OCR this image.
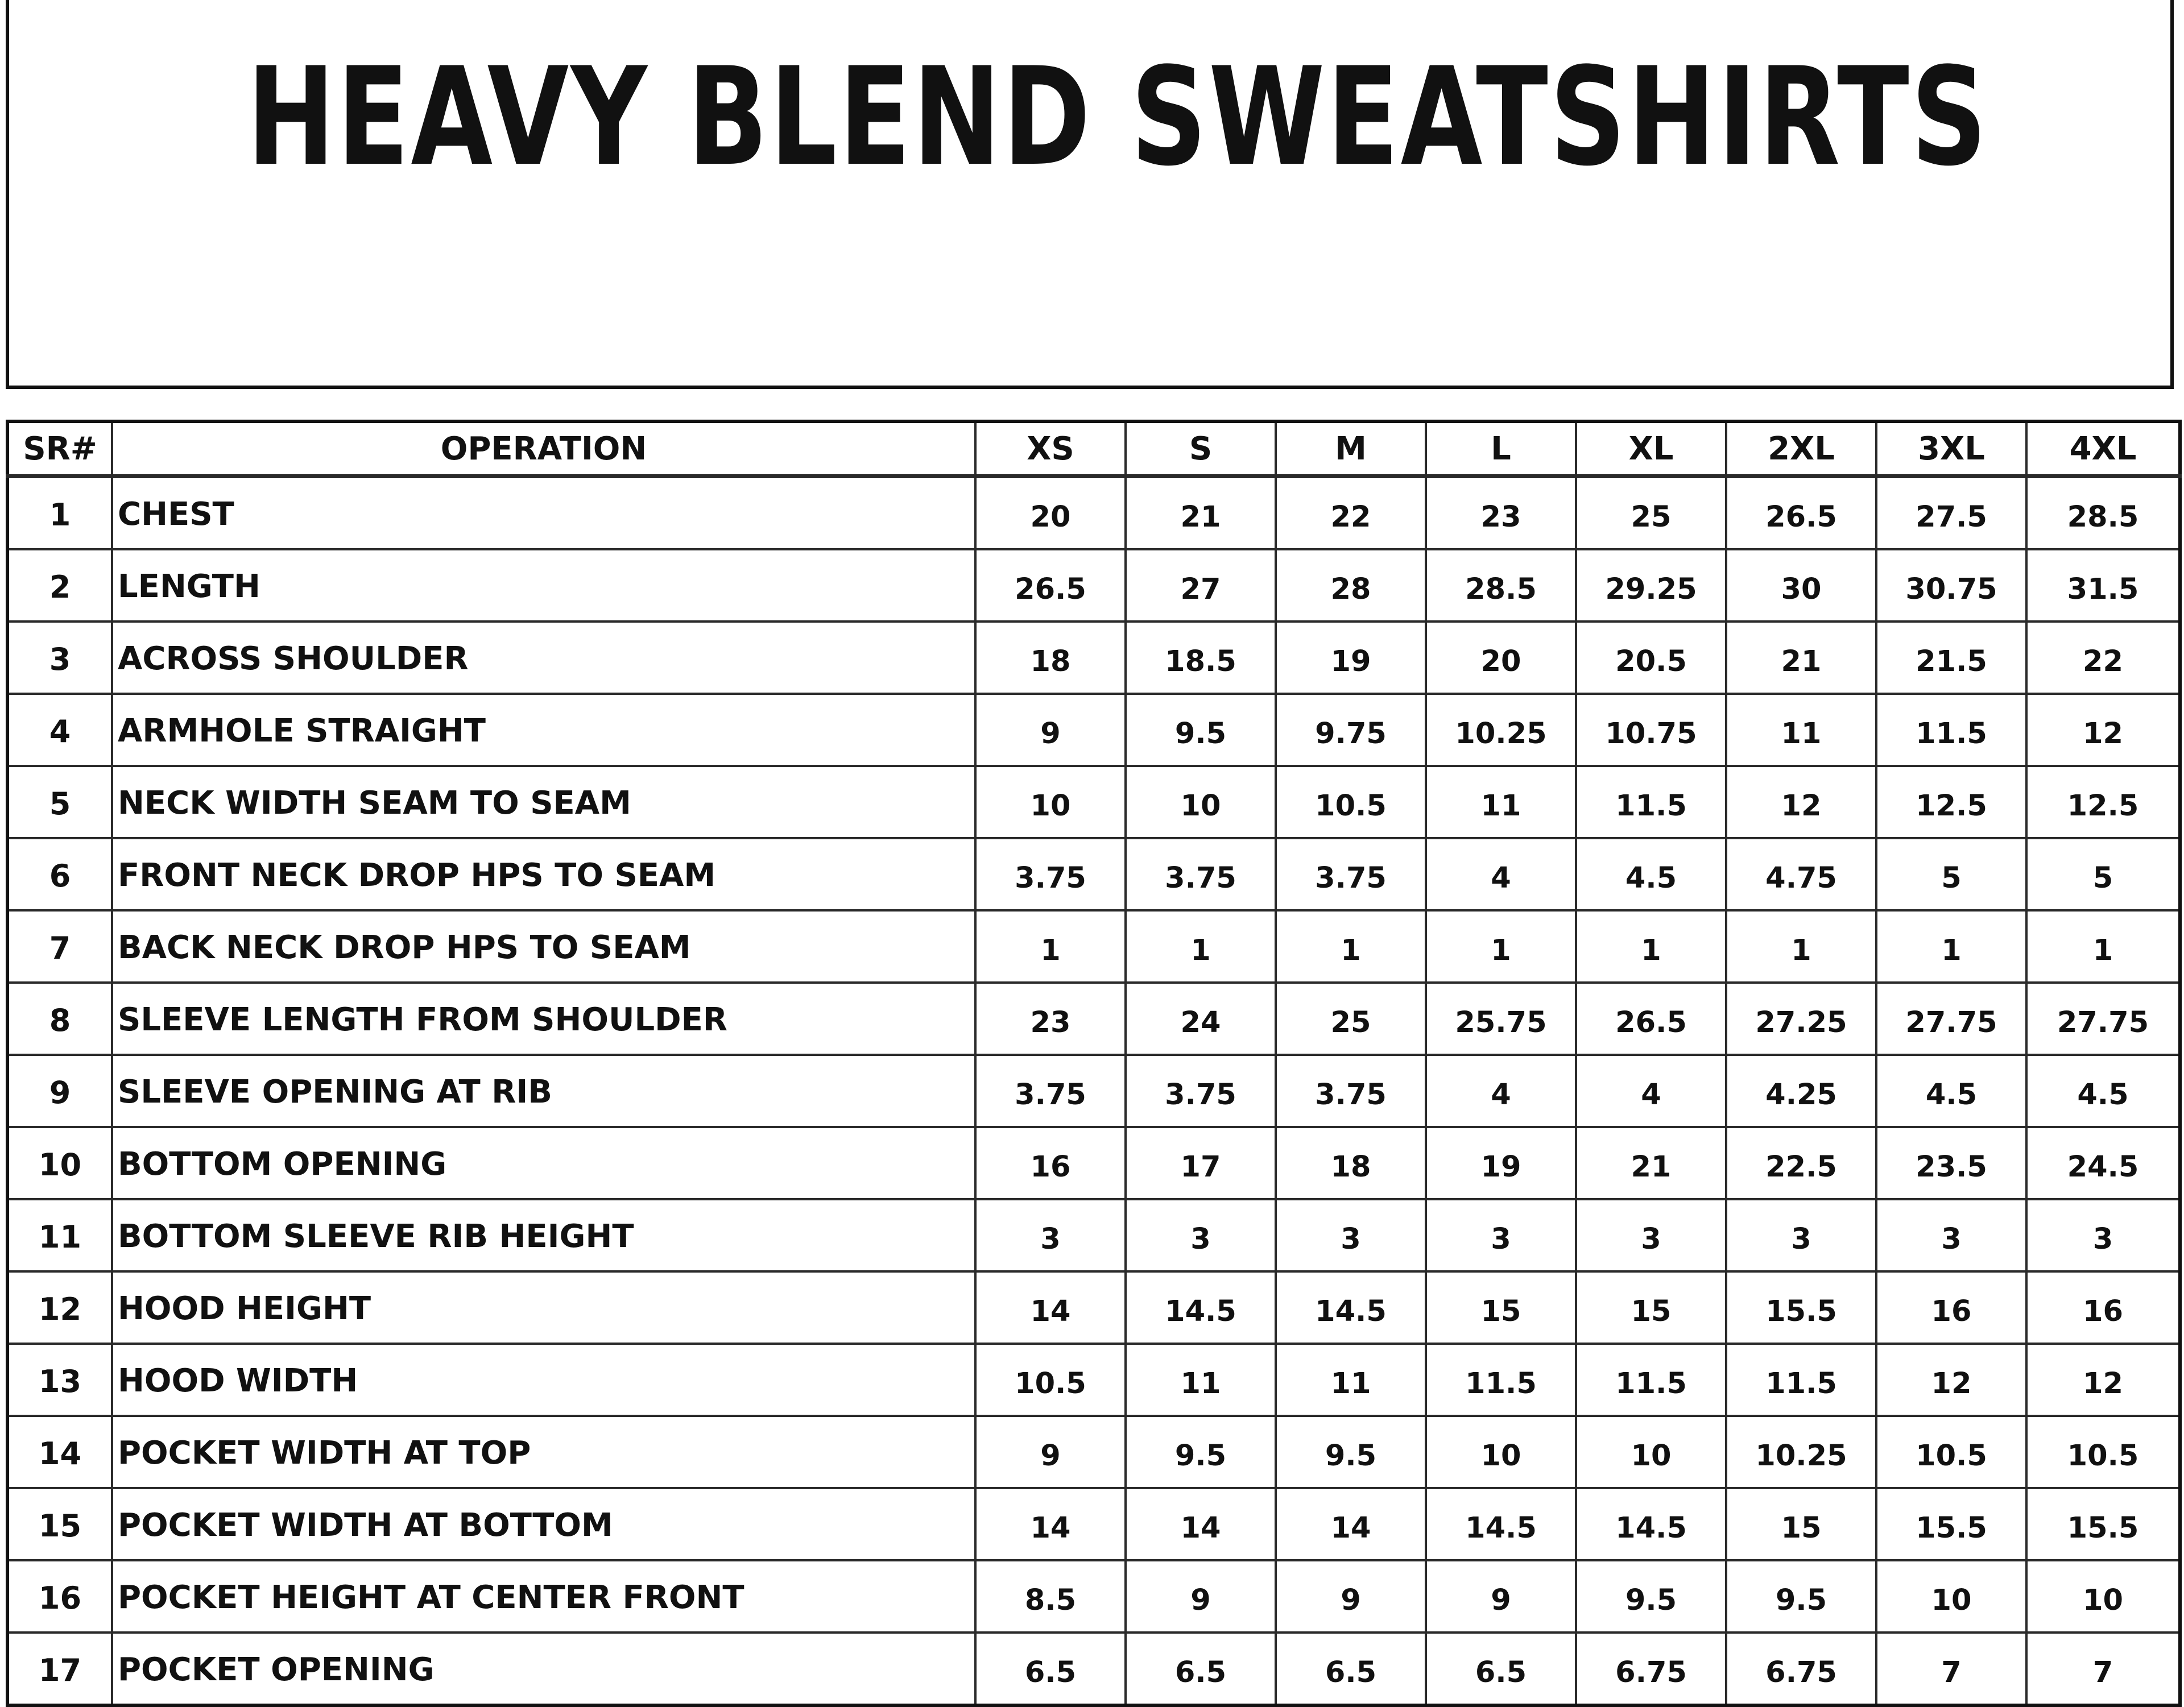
HEAVY BLEND SWEATSHIRTS
SR#	OPERATION	XS	S	M	L	XL	2XL	3XL	4XL
1	CHEST	20	21	22	23	25	26.5	27.5	28.5
2	LENGTH	26.5	27	28	28.5	29.25	30	30.75	31.5
3	ACROSS SHOULDER	18	18.5	19	20	20.5	21	21.5	22
4	ARMHOLE STRAIGHT	9	9.5	9.75	10.25	10.75	11	11.5	12
5	NECK WIDTH SEAM TO SEAM	10	10	10.5	11	11.5	12	12.5	12.5
6	FRONT NECK DROP HPS TO SEAM	3.75	3.75	3.75	4	4.5	4.75	5	5
7	BACK NECK DROP HPS TO SEAM	1	1	1	1	1	1	1	1
8	SLEEVE LENGTH FROM SHOULDER	23	24	25	25.75	26.5	27.25	27.75	27.75
9	SLEEVE OPENING AT RIB	3.75	3.75	3.75	4	4	4.25	4.5	4.5
10	BOTTOM OPENING	16	17	18	19	21	22.5	23.5	24.5
11	BOTTOM SLEEVE RIB HEIGHT	3	3	3	3	3	3	3	3
12	HOOD HEIGHT	14	14.5	14.5	15	15	15.5	16	16
13	HOOD WIDTH	10.5	11	11	11.5	11.5	11.5	12	12
14	POCKET WIDTH AT TOP	9	9.5	9.5	10	10	10.25	10.5	10.5
15	POCKET WIDTH AT BOTTOM	14	14	14	14.5	14.5	15	15.5	15.5
16	POCKET HEIGHT AT CENTER FRONT	8.5	9	9	9	9.5	9.5	10	10
17	POCKET OPENING	6.5	6.5	6.5	6.5	6.75	6.75	7	7
